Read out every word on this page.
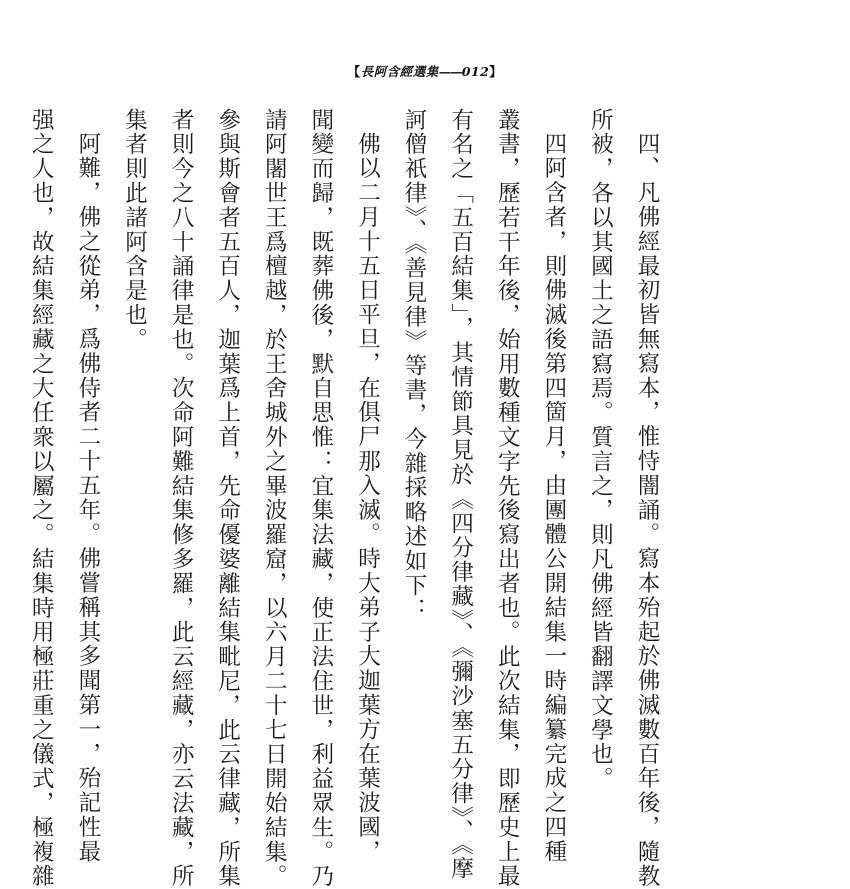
【長阿含經選集——012】
四、凡佛經最初皆無寫本，惟恃闇誦。寫本殆起於佛滅數百年後，隨教
所被，各以其國土之語寫焉。質言之，則凡佛經皆翻譯文學也。
四阿含者，則佛滅後第四箇月，由團體公開結集一時編纂完成之四種
叢書，歷若干年後，始用數種文字先後寫出者也。此次結集，即歷史上最
有名之「五百結集」，其情節具見於《四分律藏》、《彌沙塞五分律》、《摩
訶僧祇律》、《善見律》等書，今雜採略述如下：
佛以二月十五日平旦，在俱尸那入滅。時大弟子大迦葉方在葉波國，
聞變而歸，既葬佛後，默自思惟：宜集法藏，使正法住世，利益眾生。乃
請阿闍世王爲檀越，於王舍城外之畢波羅窟，以六月二十七日開始結集。
參與斯會者五百人，迦葉爲上首，先命優婆離結集毗尼，此云律藏，所集
者則今之八十誦律是也。次命阿難結集修多羅，此云經藏，亦云法藏，所
集者則此諸阿含是也。
阿難，佛之從弟，爲佛侍者二十五年。佛嘗稱其多聞第一，殆記性最
强之人也，故結集經藏之大任衆以屬之。結集時用極莊重之儀式，極複雜
